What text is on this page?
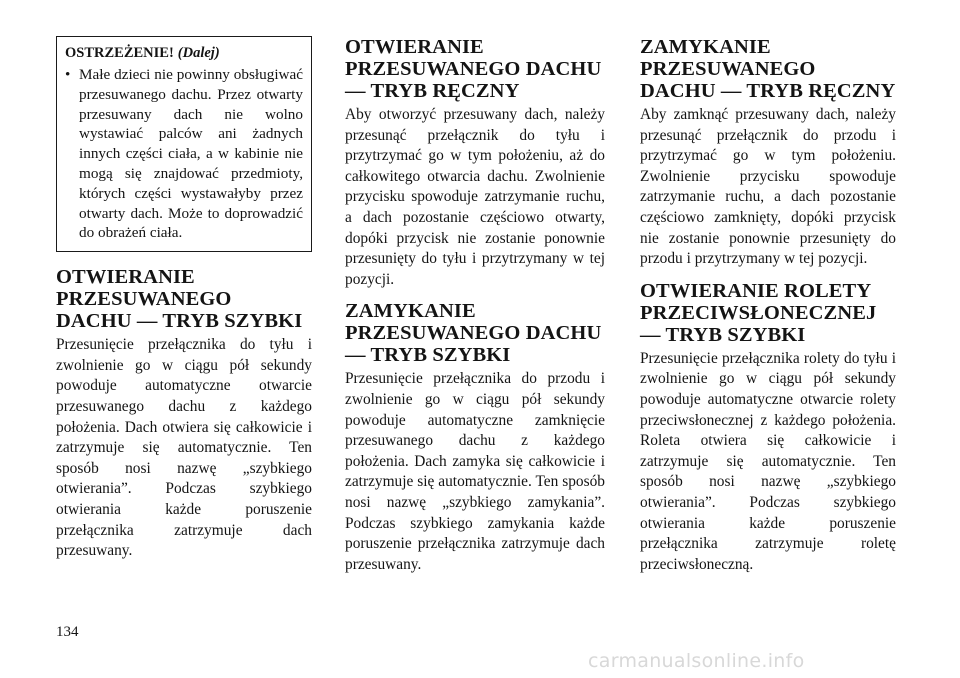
OSTRZEŻENIE! (Dalej)
• Małe dzieci nie powinny obsługiwać przesuwanego dachu. Przez otwarty przesuwany dach nie wolno wystawiać palców ani żadnych innych części ciała, a w kabinie nie mogą się znajdować przedmioty, których części wystawałyby przez otwarty dach. Może to doprowadzić do obrażeń ciała.
OTWIERANIE PRZESUWANEGO DACHU — TRYB SZYBKI

Przesunięcie przełącznika do tyłu i zwolnienie go w ciągu pół sekundy powoduje automatyczne otwarcie przesuwanego dachu z każdego położenia. Dach otwiera się całkowicie i zatrzymuje się automatycznie. Ten sposób nosi nazwę „szybkiego otwierania”. Podczas szybkiego otwierania każde poruszenie przełącznika zatrzymuje dach przesuwany.

OTWIERANIE PRZESUWANEGO DACHU — TRYB RĘCZNY

Aby otworzyć przesuwany dach, należy przesunąć przełącznik do tyłu i przytrzymać go w tym położeniu, aż do całkowitego otwarcia dachu. Zwolnienie przycisku spowoduje zatrzymanie ruchu, a dach pozostanie częściowo otwarty, dopóki przycisk nie zostanie ponownie przesunięty do tyłu i przytrzymany w tej pozycji.

ZAMYKANIE PRZESUWANEGO DACHU — TRYB SZYBKI

Przesunięcie przełącznika do przodu i zwolnienie go w ciągu pół sekundy powoduje automatyczne zamknięcie przesuwanego dachu z każdego położenia. Dach zamyka się całkowicie i zatrzymuje się automatycznie. Ten sposób nosi nazwę „szybkiego zamykania”. Podczas szybkiego zamykania każde poruszenie przełącznika zatrzymuje dach przesuwany.

ZAMYKANIE PRZESUWANEGO DACHU — TRYB RĘCZNY

Aby zamknąć przesuwany dach, należy przesunąć przełącznik do przodu i przytrzymać go w tym położeniu. Zwolnienie przycisku spowoduje zatrzymanie ruchu, a dach pozostanie częściowo zamknięty, dopóki przycisk nie zostanie ponownie przesunięty do przodu i przytrzymany w tej pozycji.

OTWIERANIE ROLETY PRZECIWSŁONECZNEJ — TRYB SZYBKI

Przesunięcie przełącznika rolety do tyłu i zwolnienie go w ciągu pół sekundy powoduje automatyczne otwarcie rolety przeciwsłonecznej z każdego położenia. Roleta otwiera się całkowicie i zatrzymuje się automatycznie. Ten sposób nosi nazwę „szybkiego otwierania”. Podczas szybkiego otwierania każde poruszenie przełącznika zatrzymuje roletę przeciwsłoneczną.

134
carmanualsonline.info
